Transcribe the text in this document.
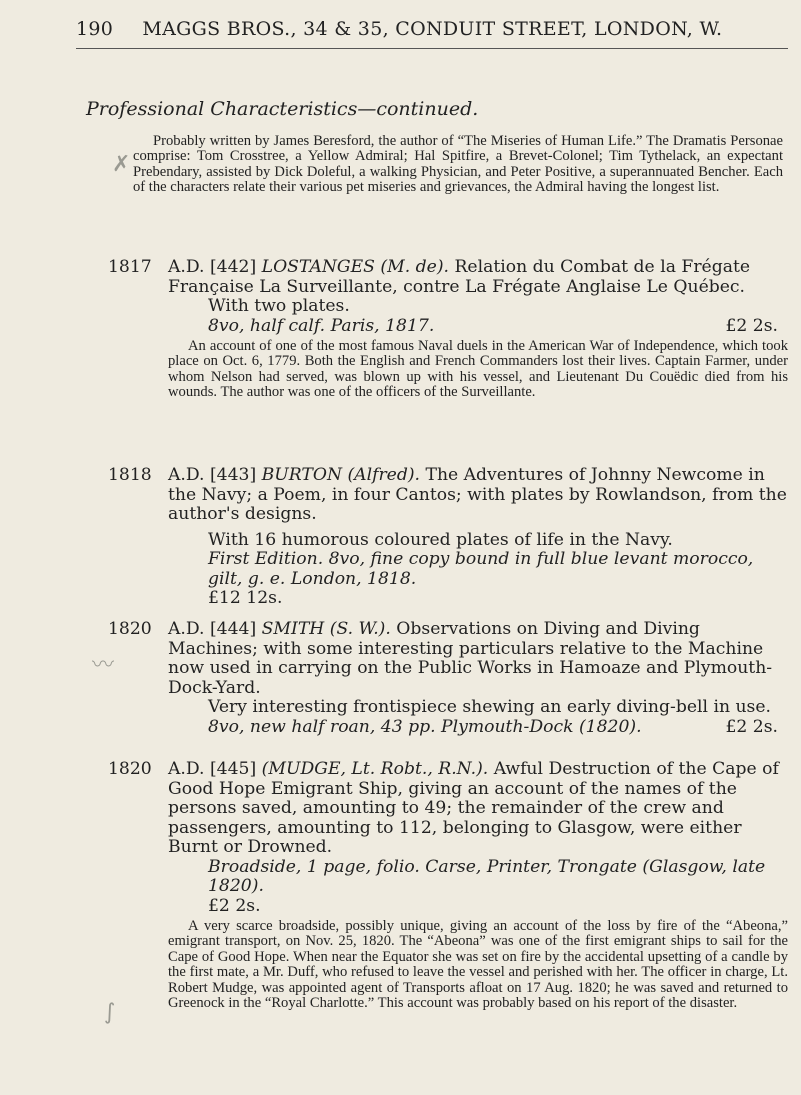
190 MAGGS BROS., 34 & 35, CONDUIT STREET, LONDON, W.
Professional Characteristics—continued.
Probably written by James Beresford, the author of “The Miseries of Human Life.” The Dramatis Personae comprise: Tom Crosstree, a Yellow Admiral; Hal Spitfire, a Brevet-Colonel; Tim Tythelack, an expectant Prebendary, assisted by Dick Doleful, a walking Physician, and Peter Positive, a superannuated Bencher. Each of the characters relate their various pet miseries and grievances, the Admiral having the longest list.
1817 A.D. [442] LOSTANGES (M. de). Relation du Combat de la Frégate Française La Surveillante, contre La Frégate Anglaise Le Québec.
With two plates.
8vo, half calf. Paris, 1817.	£2 2s.
An account of one of the most famous Naval duels in the American War of Independence, which took place on Oct. 6, 1779. Both the English and French Commanders lost their lives. Captain Farmer, under whom Nelson had served, was blown up with his vessel, and Lieutenant Du Couëdic died from his wounds. The author was one of the officers of the Surveillante.
1818 A.D. [443] BURTON (Alfred). The Adventures of Johnny Newcome in the Navy; a Poem, in four Cantos; with plates by Rowlandson, from the author's designs.
With 16 humorous coloured plates of life in the Navy.
First Edition. 8vo, fine copy bound in full blue levant morocco, gilt, g. e. London, 1818.
£12 12s.
1820 A.D. [444] SMITH (S. W.). Observations on Diving and Diving Machines; with some interesting particulars relative to the Machine now used in carrying on the Public Works in Hamoaze and Plymouth-Dock-Yard.
Very interesting frontispiece shewing an early diving-bell in use.
8vo, new half roan, 43 pp. Plymouth-Dock (1820).	£2 2s.
1820 A.D. [445] (MUDGE, Lt. Robt., R.N.). Awful Destruction of the Cape of Good Hope Emigrant Ship, giving an account of the names of the persons saved, amounting to 49; the remainder of the crew and passengers, amounting to 112, belonging to Glasgow, were either Burnt or Drowned.
Broadside, 1 page, folio. Carse, Printer, Trongate (Glasgow, late 1820).
£2 2s.
A very scarce broadside, possibly unique, giving an account of the loss by fire of the “Abeona,” emigrant transport, on Nov. 25, 1820. The “Abeona” was one of the first emigrant ships to sail for the Cape of Good Hope. When near the Equator she was set on fire by the accidental upsetting of a candle by the first mate, a Mr. Duff, who refused to leave the vessel and perished with her. The officer in charge, Lt. Robert Mudge, was appointed agent of Transports afloat on 17 Aug. 1820; he was saved and returned to Greenock in the “Royal Charlotte.” This account was probably based on his report of the disaster.
✗
〰
∫
